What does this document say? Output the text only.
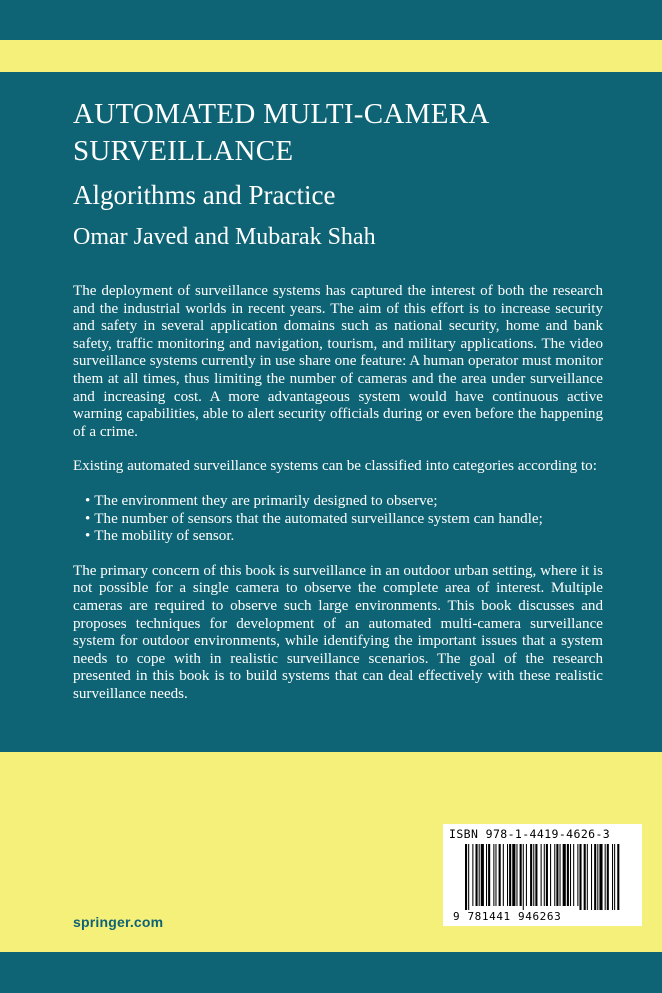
AUTOMATED MULTI-CAMERA
SURVEILLANCE
Algorithms and Practice
Omar Javed and Mubarak Shah

The deployment of surveillance systems has captured the interest of both the research and the industrial worlds in recent years. The aim of this effort is to increase security and safety in several application domains such as national security, home and bank safety, traffic monitoring and navigation, tourism, and military applications. The video surveillance systems currently in use share one feature: A human operator must monitor them at all times, thus limiting the number of cameras and the area under surveillance and increasing cost. A more advantageous system would have continuous active warning capabilities, able to alert security officials during or even before the happening of a crime.

Existing automated surveillance systems can be classified into categories according to:

• The environment they are primarily designed to observe;
• The number of sensors that the automated surveillance system can handle;
• The mobility of sensor.

The primary concern of this book is surveillance in an outdoor urban setting, where it is not possible for a single camera to observe the complete area of interest. Multiple cameras are required to observe such large environments. This book discusses and proposes techniques for development of an automated multi-camera surveillance system for outdoor environments, while identifying the important issues that a system needs to cope with in realistic surveillance scenarios. The goal of the research presented in this book is to build systems that can deal effectively with these realistic surveillance needs.

springer.com
ISBN 978-1-4419-4626-3
9 781441 946263
